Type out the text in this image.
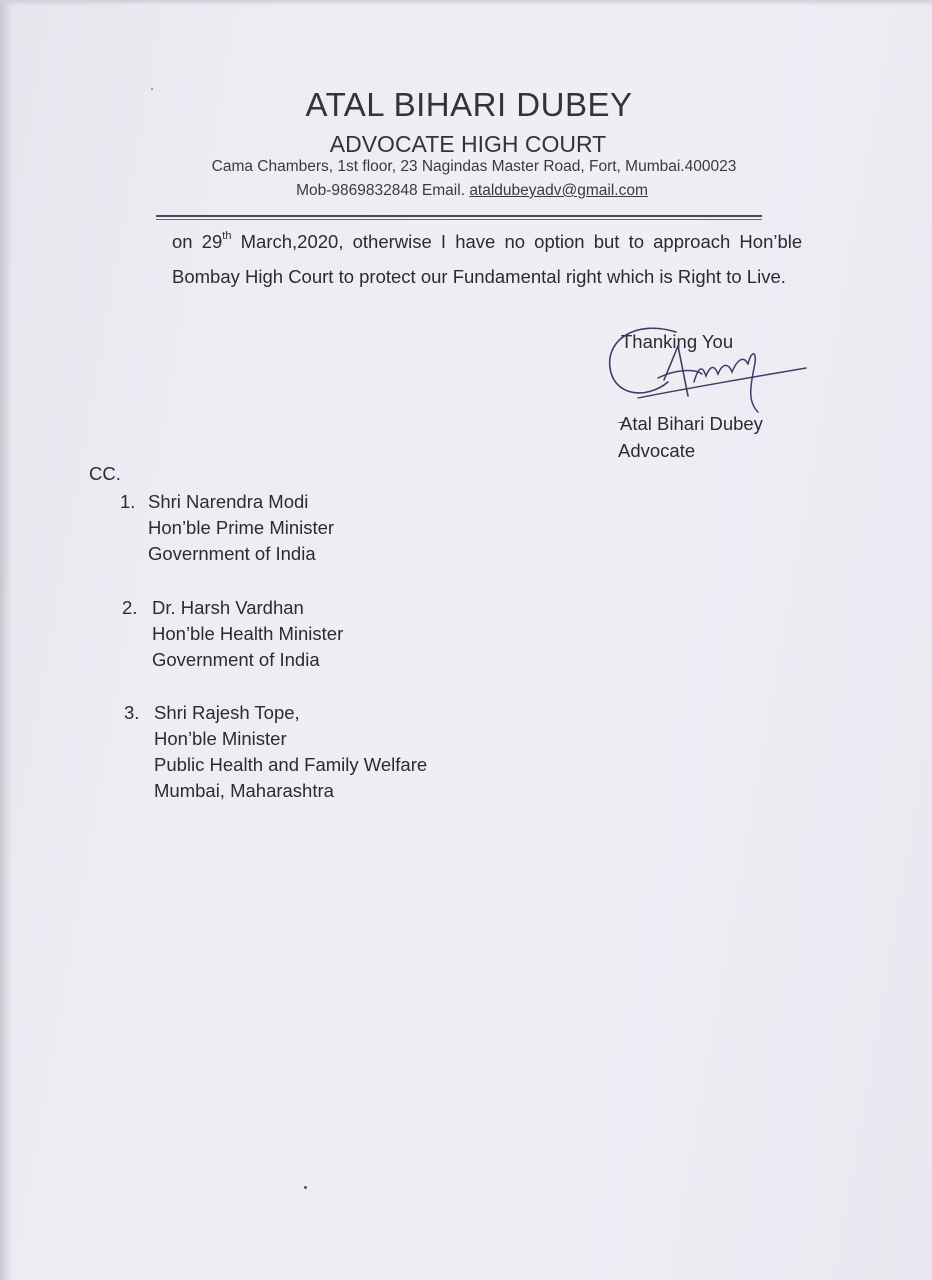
ATAL BIHARI DUBEY
ADVOCATE HIGH COURT
Cama Chambers, 1st floor, 23 Nagindas Master Road, Fort, Mumbai.400023
Mob-9869832848 Email. ataldubeyadv@gmail.com
on 29th March,2020, otherwise I have no option but to approach Hon’ble
Bombay High Court to protect our Fundamental right which is Right to Live.
Thanking You
Atal Bihari Dubey
Advocate
CC.
1. Shri Narendra Modi
Hon’ble Prime Minister
Government of India
2. Dr. Harsh Vardhan
Hon’ble Health Minister
Government of India
3. Shri Rajesh Tope,
Hon’ble Minister
Public Health and Family Welfare
Mumbai, Maharashtra
